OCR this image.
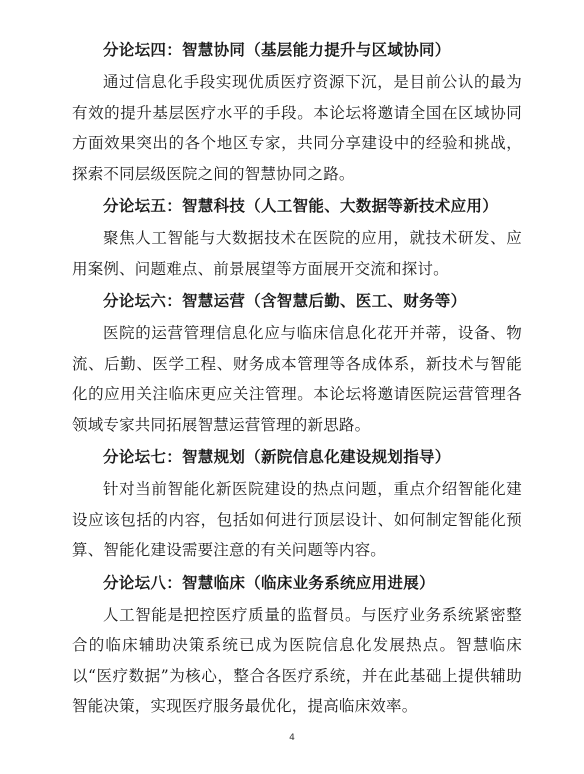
分论坛四：智慧协同（基层能力提升与区域协同）

通过信息化手段实现优质医疗资源下沉，是目前公认的最为有效的提升基层医疗水平的手段。本论坛将邀请全国在区域协同方面效果突出的各个地区专家，共同分享建设中的经验和挑战，探索不同层级医院之间的智慧协同之路。

分论坛五：智慧科技（人工智能、大数据等新技术应用）

聚焦人工智能与大数据技术在医院的应用，就技术研发、应用案例、问题难点、前景展望等方面展开交流和探讨。

分论坛六：智慧运营（含智慧后勤、医工、财务等）

医院的运营管理信息化应与临床信息化花开并蒂，设备、物流、后勤、医学工程、财务成本管理等各成体系，新技术与智能化的应用关注临床更应关注管理。本论坛将邀请医院运营管理各领域专家共同拓展智慧运营管理的新思路。

分论坛七：智慧规划（新院信息化建设规划指导）

针对当前智能化新医院建设的热点问题，重点介绍智能化建设应该包括的内容，包括如何进行顶层设计、如何制定智能化预算、智能化建设需要注意的有关问题等内容。

分论坛八：智慧临床（临床业务系统应用进展）

人工智能是把控医疗质量的监督员。与医疗业务系统紧密整合的临床辅助决策系统已成为医院信息化发展热点。智慧临床以“医疗数据”为核心，整合各医疗系统，并在此基础上提供辅助智能决策，实现医疗服务最优化，提高临床效率。

4
